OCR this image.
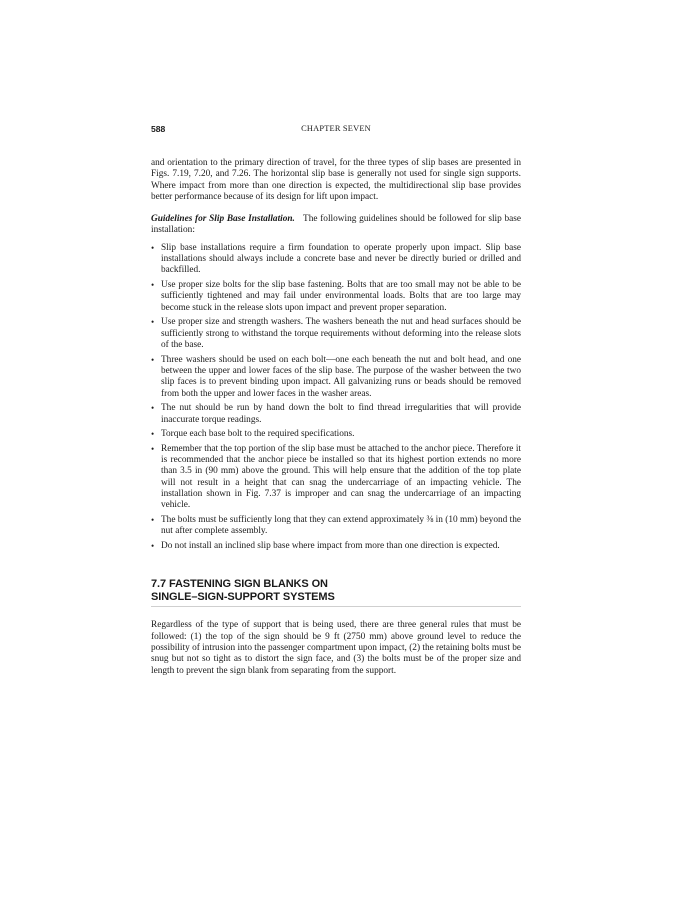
588	CHAPTER SEVEN

and orientation to the primary direction of travel, for the three types of slip bases are presented in Figs. 7.19, 7.20, and 7.26. The horizontal slip base is generally not used for single sign supports. Where impact from more than one direction is expected, the multidirectional slip base provides better performance because of its design for lift upon impact.

Guidelines for Slip Base Installation. The following guidelines should be followed for slip base installation:

• Slip base installations require a firm foundation to operate properly upon impact. Slip base installations should always include a concrete base and never be directly buried or drilled and backfilled.
• Use proper size bolts for the slip base fastening. Bolts that are too small may not be able to be sufficiently tightened and may fail under environmental loads. Bolts that are too large may become stuck in the release slots upon impact and prevent proper separation.
• Use proper size and strength washers. The washers beneath the nut and head surfaces should be sufficiently strong to withstand the torque requirements without deforming into the release slots of the base.
• Three washers should be used on each bolt—one each beneath the nut and bolt head, and one between the upper and lower faces of the slip base. The purpose of the washer between the two slip faces is to prevent binding upon impact. All galvanizing runs or beads should be removed from both the upper and lower faces in the washer areas.
• The nut should be run by hand down the bolt to find thread irregularities that will provide inaccurate torque readings.
• Torque each base bolt to the required specifications.
• Remember that the top portion of the slip base must be attached to the anchor piece. Therefore it is recommended that the anchor piece be installed so that its highest portion extends no more than 3.5 in (90 mm) above the ground. This will help ensure that the addition of the top plate will not result in a height that can snag the undercarriage of an impacting vehicle. The installation shown in Fig. 7.37 is improper and can snag the undercarriage of an impacting vehicle.
• The bolts must be sufficiently long that they can extend approximately ⅜ in (10 mm) beyond the nut after complete assembly.
• Do not install an inclined slip base where impact from more than one direction is expected.
7.7 FASTENING SIGN BLANKS ON
SINGLE–SIGN-SUPPORT SYSTEMS

Regardless of the type of support that is being used, there are three general rules that must be followed: (1) the top of the sign should be 9 ft (2750 mm) above ground level to reduce the possibility of intrusion into the passenger compartment upon impact, (2) the retaining bolts must be snug but not so tight as to distort the sign face, and (3) the bolts must be of the proper size and length to prevent the sign blank from separating from the support.
